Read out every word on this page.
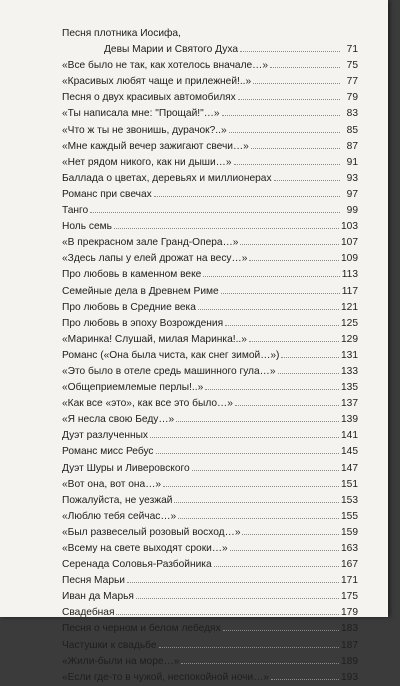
Песня плотника Иосифа,
Девы Марии и Святого Духа	71
«Все было не так, как хотелось вначале…»	75
«Красивых любят чаще и прилежней!..»	77
Песня о двух красивых автомобилях	79
«Ты написала мне: "Прощай!"…»	83
«Что ж ты не звонишь, дурачок?..»	85
«Мне каждый вечер зажигают свечи…»	87
«Нет рядом никого, как ни дыши…»	91
Баллада о цветах, деревьях и миллионерах	93
Романс при свечах	97
Танго	99
Ноль семь	103
«В прекрасном зале Гранд-Опера…»	107
«Здесь лапы у елей дрожат на весу…»	109
Про любовь в каменном веке	113
Семейные дела в Древнем Риме	117
Про любовь в Средние века	121
Про любовь в эпоху Возрождения	125
«Маринка! Слушай, милая Маринка!..»	129
Романс («Она была чиста, как снег зимой…»)	131
«Это было в отеле средь машинного гула…»	133
«Общеприемлемые перлы!..»	135
«Как все «это», как все это было…»	137
«Я несла свою Беду…»	139
Дуэт разлученных	141
Романс мисс Ребус	145
Дуэт Шуры и Ливеровского	147
«Вот она, вот она…»	151
Пожалуйста, не уезжай	153
«Люблю тебя сейчас…»	155
«Был развеселый розовый восход…»	159
«Всему на свете выходят сроки…»	163
Серенада Соловья-Разбойника	167
Песня Марьи	171
Иван да Марья	175
Свадебная	179
Песня о черном и белом лебедях	183
Частушки к свадьбе	187
«Жили-были на море…»	189
«Если где-то в чужой, неспокойной ночи…»	193
